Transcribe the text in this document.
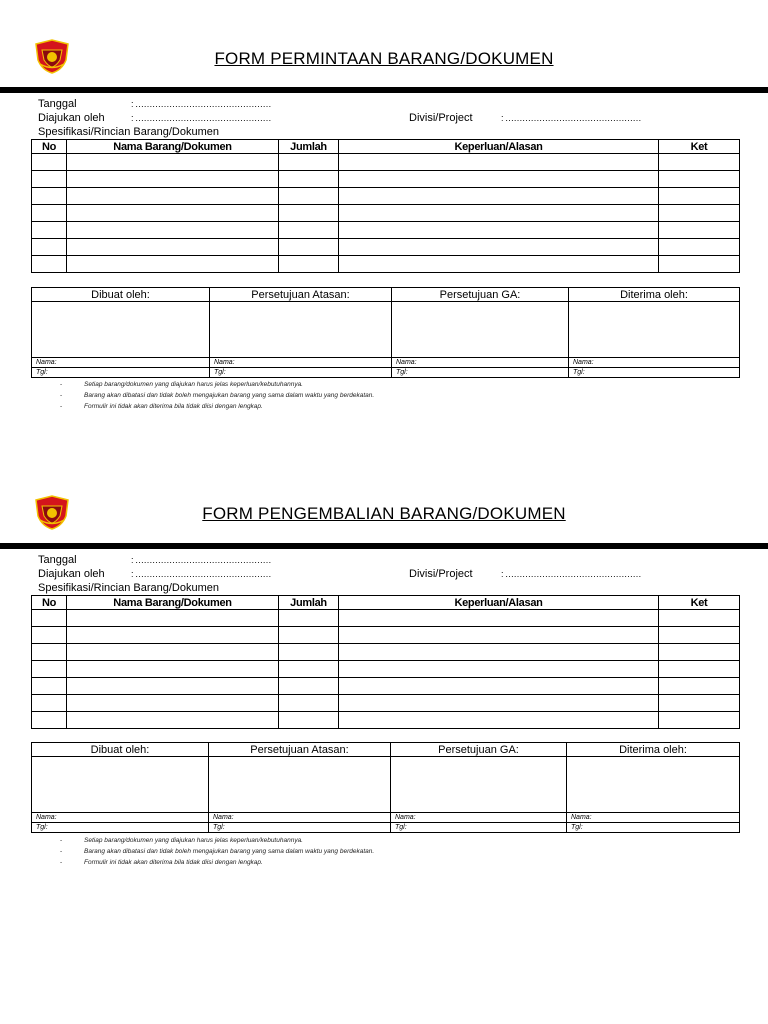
FORM PERMINTAAN BARANG/DOKUMEN
Tanggal	: …………………………………………
Diajukan oleh	: …………………………………………	Divisi/Project	: …………………………………………
Spesifikasi/Rincian Barang/Dokumen
No	Nama Barang/Dokumen	Jumlah	Keperluan/Alasan	Ket

Dibuat oleh:	Persetujuan Atasan:	Persetujuan GA:	Diterima oleh:

Nama:	Nama:	Nama:	Nama:
Tgl:	Tgl:	Tgl:	Tgl:
- Setiap barang/dokumen yang diajukan harus jelas keperluan/kebutuhannya.
- Barang akan dibatasi dan tidak boleh mengajukan barang yang sama dalam waktu yang berdekatan.
- Formulir ini tidak akan diterima bila tidak diisi dengan lengkap.
FORM PENGEMBALIAN BARANG/DOKUMEN
Tanggal	: …………………………………………
Diajukan oleh	: …………………………………………	Divisi/Project	: …………………………………………
Spesifikasi/Rincian Barang/Dokumen
No	Nama Barang/Dokumen	Jumlah	Keperluan/Alasan	Ket

Dibuat oleh:	Persetujuan Atasan:	Persetujuan GA:	Diterima oleh:

Nama:	Nama:	Nama:	Nama:
Tgl:	Tgl:	Tgl:	Tgl:
- Setiap barang/dokumen yang diajukan harus jelas keperluan/kebutuhannya.
- Barang akan dibatasi dan tidak boleh mengajukan barang yang sama dalam waktu yang berdekatan.
- Formulir ini tidak akan diterima bila tidak diisi dengan lengkap.
